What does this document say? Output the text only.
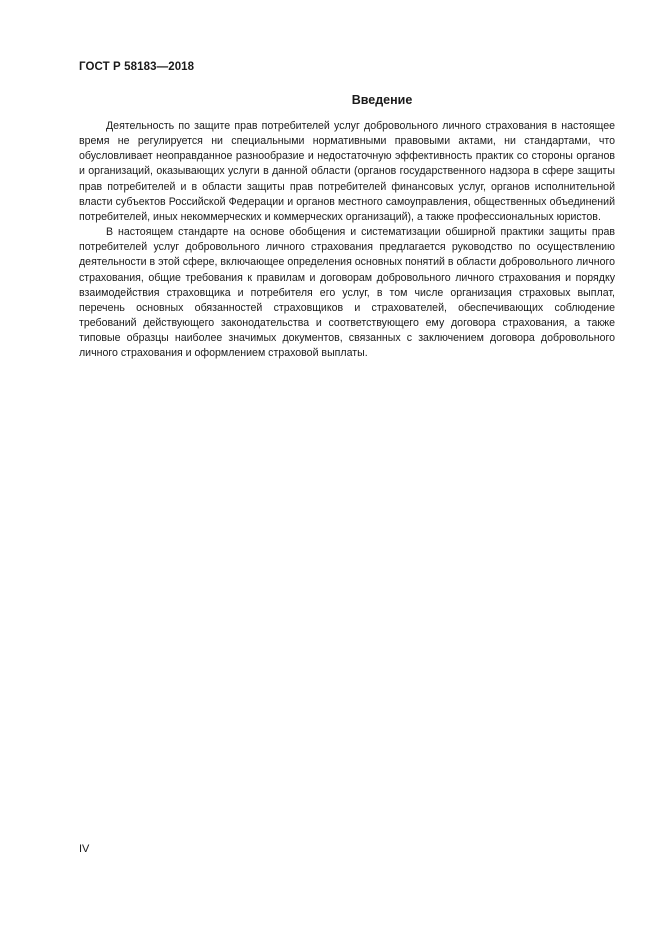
ГОСТ Р 58183—2018
Введение

Деятельность по защите прав потребителей услуг добровольного личного страхования в настоящее время не регулируется ни специальными нормативными правовыми актами, ни стандартами, что обусловливает неоправданное разнообразие и недостаточную эффективность практик со стороны органов и организаций, оказывающих услуги в данной области (органов государственного надзора в сфере защиты прав потребителей и в области защиты прав потребителей финансовых услуг, органов исполнительной власти субъектов Российской Федерации и органов местного самоуправления, общественных объединений потребителей, иных некоммерческих и коммерческих организаций), а также профессиональных юристов.

В настоящем стандарте на основе обобщения и систематизации обширной практики защиты прав потребителей услуг добровольного личного страхования предлагается руководство по осуществлению деятельности в этой сфере, включающее определения основных понятий в области добровольного личного страхования, общие требования к правилам и договорам добровольного личного страхования и порядку взаимодействия страховщика и потребителя его услуг, в том числе организация страховых выплат, перечень основных обязанностей страховщиков и страхователей, обеспечивающих соблюдение требований действующего законодательства и соответствующего ему договора страхования, а также типовые образцы наиболее значимых документов, связанных с заключением договора добровольного личного страхования и оформлением страховой выплаты.

IV
